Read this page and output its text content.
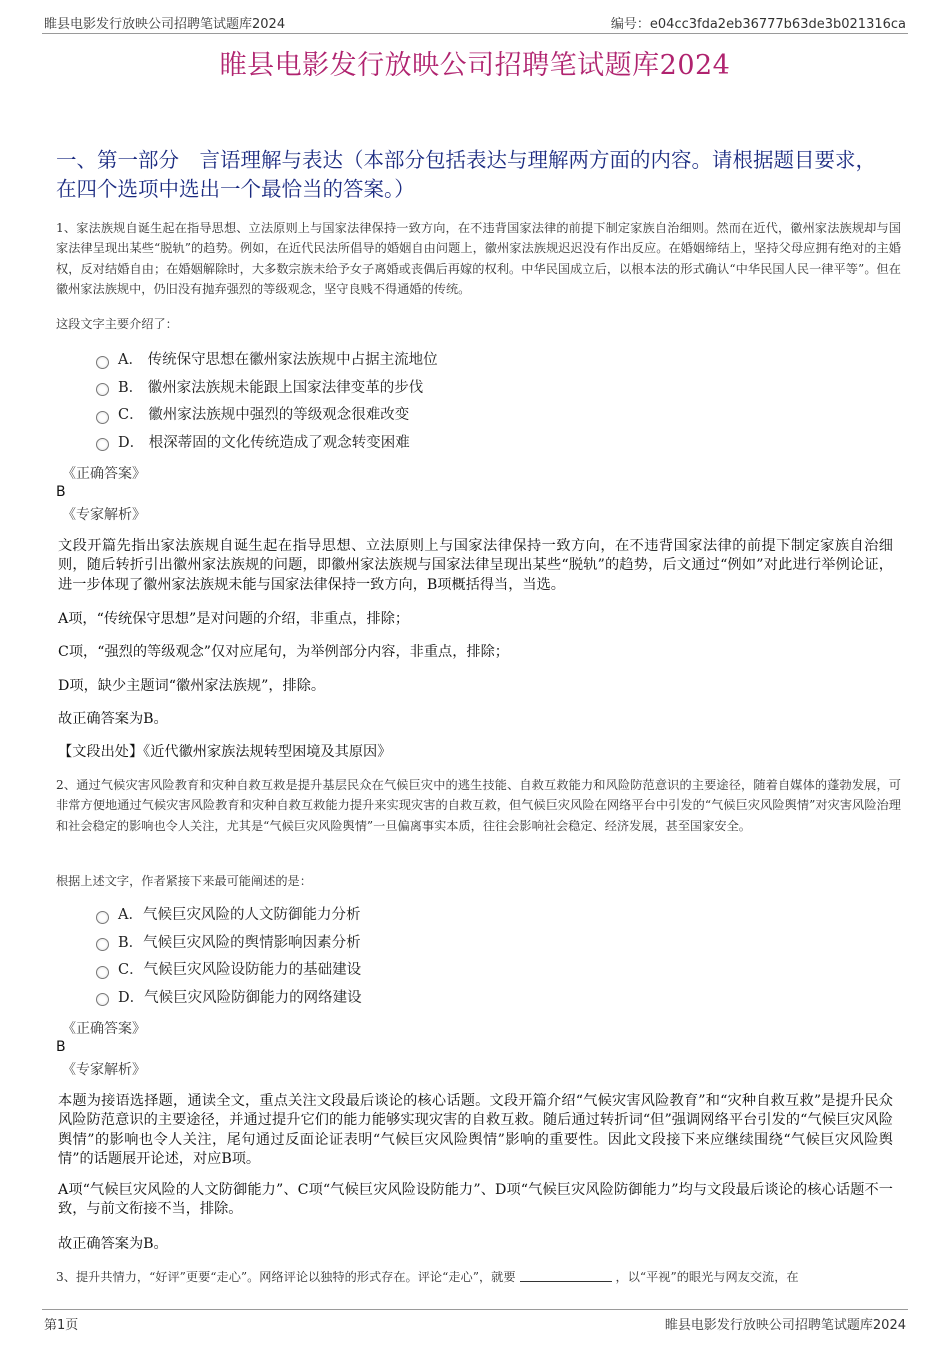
睢县电影发行放映公司招聘笔试题库2024	编号：e04cc3fda2eb36777b63de3b021316ca
睢县电影发行放映公司招聘笔试题库2024
一、第一部分　言语理解与表达（本部分包括表达与理解两方面的内容。请根据题目要求，在四个选项中选出一个最恰当的答案。）
1、家法族规自诞生起在指导思想、立法原则上与国家法律保持一致方向，在不违背国家法律的前提下制定家族自治细则。然而在近代，徽州家法族规却与国家法律呈现出某些“脱轨”的趋势。例如，在近代民法所倡导的婚姻自由问题上，徽州家法族规迟迟没有作出反应。在婚姻缔结上，坚持父母应拥有绝对的主婚权，反对结婚自由；在婚姻解除时，大多数宗族未给予女子离婚或丧偶后再嫁的权利。中华民国成立后，以根本法的形式确认“中华民国人民一律平等”。但在徽州家法族规中，仍旧没有抛弃强烈的等级观念，坚守良贱不得通婚的传统。
这段文字主要介绍了：
A． 传统保守思想在徽州家法族规中占据主流地位
B． 徽州家法族规未能跟上国家法律变革的步伐
C． 徽州家法族规中强烈的等级观念很难改变
D． 根深蒂固的文化传统造成了观念转变困难
《正确答案》
B
《专家解析》
文段开篇先指出家法族规自诞生起在指导思想、立法原则上与国家法律保持一致方向，在不违背国家法律的前提下制定家族自治细则，随后转折引出徽州家法族规的问题，即徽州家法族规与国家法律呈现出某些“脱轨”的趋势，后文通过“例如”对此进行举例论证，进一步体现了徽州家法族规未能与国家法律保持一致方向，B项概括得当，当选。
A项，“传统保守思想”是对问题的介绍，非重点，排除；
C项，“强烈的等级观念”仅对应尾句，为举例部分内容，非重点，排除；
D项，缺少主题词“徽州家法族规”，排除。
故正确答案为B。
【文段出处】《近代徽州家族法规转型困境及其原因》
2、通过气候灾害风险教育和灾种自救互救是提升基层民众在气候巨灾中的逃生技能、自救互救能力和风险防范意识的主要途径，随着自媒体的蓬勃发展，可非常方便地通过气候灾害风险教育和灾种自救互救能力提升来实现灾害的自救互救，但气候巨灾风险在网络平台中引发的“气候巨灾风险舆情”对灾害风险治理和社会稳定的影响也令人关注，尤其是“气候巨灾风险舆情”一旦偏离事实本质，往往会影响社会稳定、经济发展，甚至国家安全。
根据上述文字，作者紧接下来最可能阐述的是：
A．气候巨灾风险的人文防御能力分析
B．气候巨灾风险的舆情影响因素分析
C．气候巨灾风险设防能力的基础建设
D．气候巨灾风险防御能力的网络建设
《正确答案》
B
《专家解析》
本题为接语选择题，通读全文，重点关注文段最后谈论的核心话题。文段开篇介绍“气候灾害风险教育”和“灾种自救互救”是提升民众风险防范意识的主要途径，并通过提升它们的能力能够实现灾害的自救互救。随后通过转折词“但”强调网络平台引发的“气候巨灾风险舆情”的影响也令人关注，尾句通过反面论证表明“气候巨灾风险舆情”影响的重要性。因此文段接下来应继续围绕“气候巨灾风险舆情”的话题展开论述，对应B项。
A项“气候巨灾风险的人文防御能力”、C项“气候巨灾风险设防能力”、D项“气候巨灾风险防御能力”均与文段最后谈论的核心话题不一致，与前文衔接不当，排除。
故正确答案为B。
3、提升共情力，“好评”更要“走心”。网络评论以独特的形式存在。评论“走心”，就要	，以“平视”的眼光与网友交流，在
第1页	睢县电影发行放映公司招聘笔试题库2024
